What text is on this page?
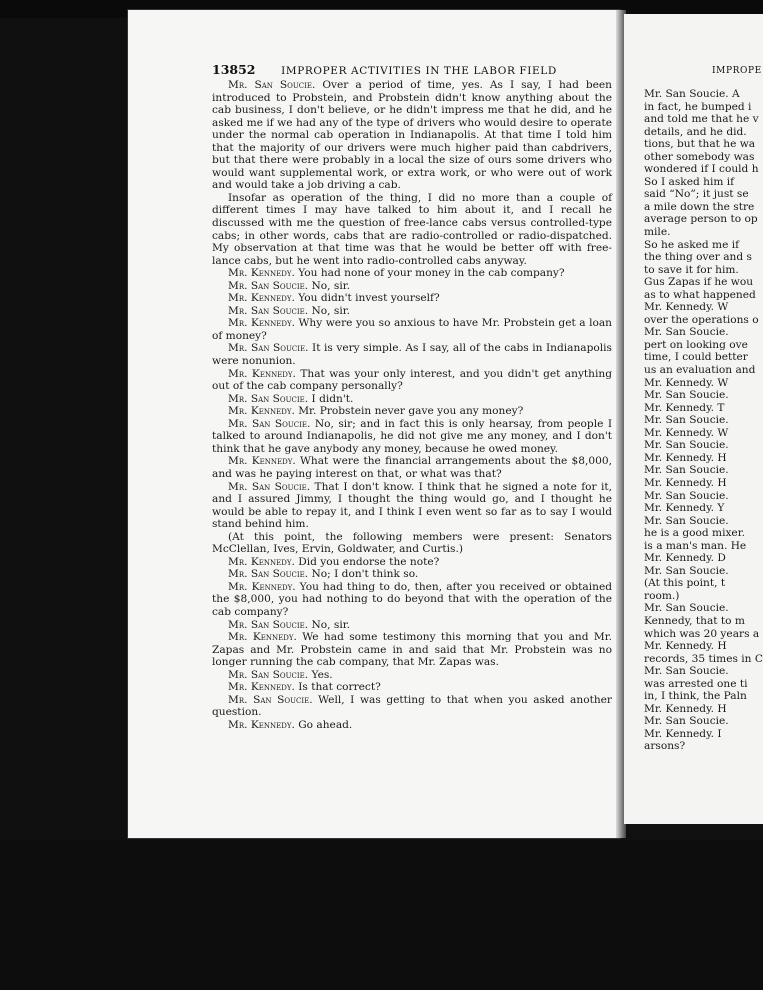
13852 IMPROPER ACTIVITIES IN THE LABOR FIELD

Mr. San Soucie. Over a period of time, yes. As I say, I had been introduced to Probstein, and Probstein didn't know anything about the cab business, I don't believe, or he didn't impress me that he did, and he asked me if we had any of the type of drivers who would desire to operate under the normal cab operation in Indianapolis. At that time I told him that the majority of our drivers were much higher paid than cabdrivers, but that there were probably in a local the size of ours some drivers who would want supplemental work, or extra work, or who were out of work and would take a job driving a cab.

Insofar as operation of the thing, I did no more than a couple of different times I may have talked to him about it, and I recall he discussed with me the question of free-lance cabs versus controlled-type cabs; in other words, cabs that are radio-controlled or radio-dispatched. My observation at that time was that he would be better off with free-lance cabs, but he went into radio-controlled cabs anyway.

Mr. Kennedy. You had none of your money in the cab company?

Mr. San Soucie. No, sir.

Mr. Kennedy. You didn't invest yourself?

Mr. San Soucie. No, sir.

Mr. Kennedy. Why were you so anxious to have Mr. Probstein get a loan of money?

Mr. San Soucie. It is very simple. As I say, all of the cabs in Indianapolis were nonunion.

Mr. Kennedy. That was your only interest, and you didn't get anything out of the cab company personally?

Mr. San Soucie. I didn't.

Mr. Kennedy. Mr. Probstein never gave you any money?

Mr. San Soucie. No, sir; and in fact this is only hearsay, from people I talked to around Indianapolis, he did not give me any money, and I don't think that he gave anybody any money, because he owed money.

Mr. Kennedy. What were the financial arrangements about the $8,000, and was he paying interest on that, or what was that?

Mr. San Soucie. That I don't know. I think that he signed a note for it, and I assured Jimmy, I thought the thing would go, and I thought he would be able to repay it, and I think I even went so far as to say I would stand behind him.

(At this point, the following members were present: Senators McClellan, Ives, Ervin, Goldwater, and Curtis.)

Mr. Kennedy. Did you endorse the note?

Mr. San Soucie. No; I don't think so.

Mr. Kennedy. You had thing to do, then, after you received or obtained the $8,000, you had nothing to do beyond that with the operation of the cab company?

Mr. San Soucie. No, sir.

Mr. Kennedy. We had some testimony this morning that you and Mr. Zapas and Mr. Probstein came in and said that Mr. Probstein was no longer running the cab company, that Mr. Zapas was.

Mr. San Soucie. Yes.

Mr. Kennedy. Is that correct?

Mr. San Soucie. Well, I was getting to that when you asked another question.

Mr. Kennedy. Go ahead.

IMPROPE
Mr. San Soucie. A
in fact, he bumped i
and told me that he v
details, and he did.
tions, but that he wa
other somebody was
wondered if I could h
So I asked him if
said “No”; it just se
a mile down the stre
average person to op
mile.
So he asked me if
the thing over and s
to save it for him.
Gus Zapas if he wou
as to what happened
Mr. Kennedy. W
over the operations o
Mr. San Soucie.
pert on looking ove
time, I could better
us an evaluation and
Mr. Kennedy. W
Mr. San Soucie.
Mr. Kennedy. T
Mr. San Soucie.
Mr. Kennedy. W
Mr. San Soucie.
Mr. Kennedy. H
Mr. San Soucie.
Mr. Kennedy. H
Mr. San Soucie.
Mr. Kennedy. Y
Mr. San Soucie.
he is a good mixer.
is a man's man. He
Mr. Kennedy. D
Mr. San Soucie.
(At this point, t
room.)
Mr. San Soucie.
Kennedy, that to m
which was 20 years a
Mr. Kennedy. H
records, 35 times in C
Mr. San Soucie.
was arrested one ti
in, I think, the Paln
Mr. Kennedy. H
Mr. San Soucie.
Mr. Kennedy. I
arsons?
